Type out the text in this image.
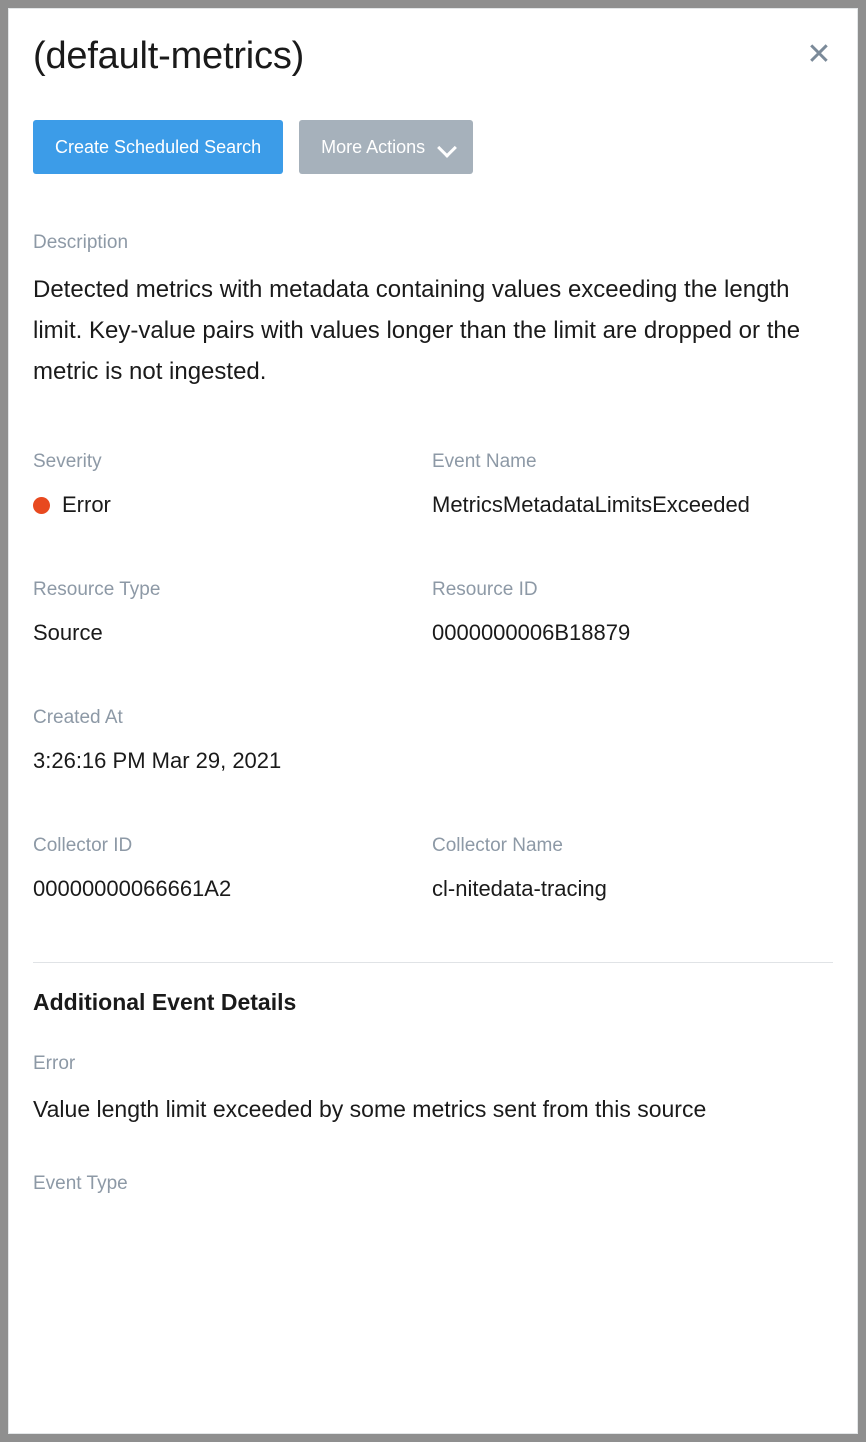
(default-metrics)	✕
Create Scheduled Search	More Actions
Description
Detected metrics with metadata containing values exceeding the length limit. Key-value pairs with values longer than the limit are dropped or the metric is not ingested.
Severity
Error
Event Name
MetricsMetadataLimitsExceeded
Resource Type
Source
Resource ID
0000000006B18879
Created At
3:26:16 PM Mar 29, 2021
Collector ID
00000000066661A2
Collector Name
cl-nitedata-tracing
Additional Event Details
Error
Value length limit exceeded by some metrics sent from this source
Event Type
